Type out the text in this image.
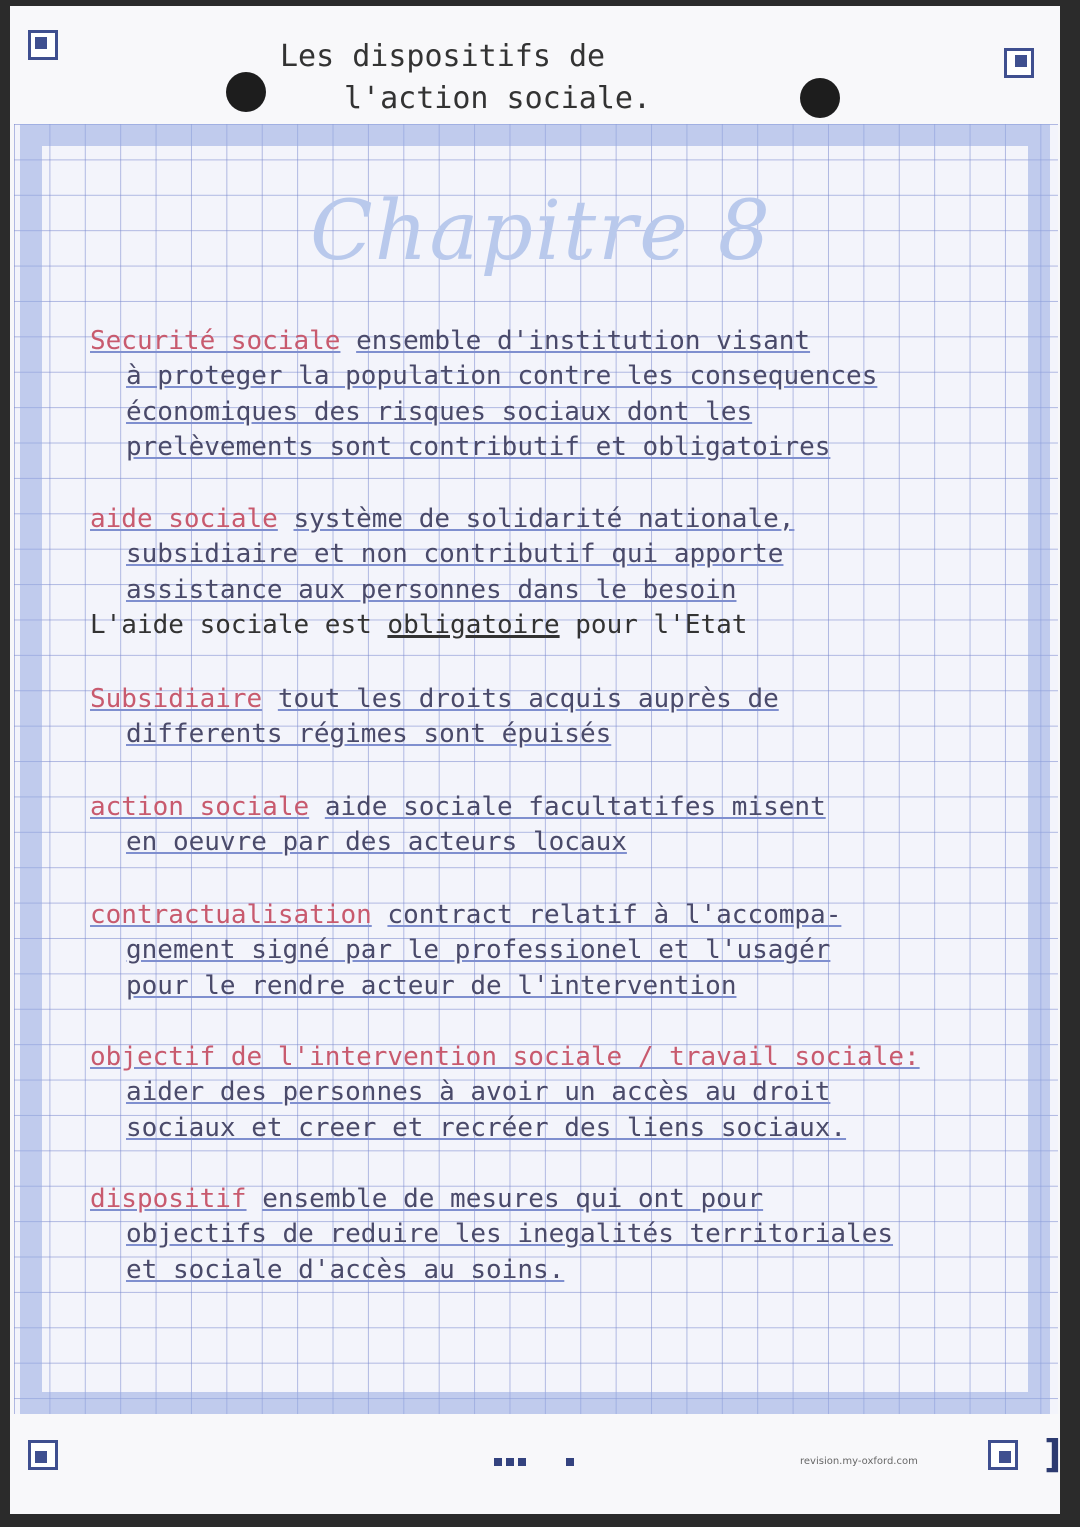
Les dispositifs de
l'action sociale.
Chapitre 8
Securité sociale ensemble d'institution visant
à proteger la population contre les consequences
économiques des risques sociaux dont les
prelèvements sont contributif et obligatoires
aide sociale système de solidarité nationale,
subsidiaire et non contributif qui apporte
assistance aux personnes dans le besoin
L'aide sociale est obligatoire pour l'Etat
Subsidiaire tout les droits acquis auprès de
differents régimes sont épuisés
action sociale aide sociale facultatifes misent
en oeuvre par des acteurs locaux
contractualisation contract relatif à l'accompa-
gnement signé par le professionel et l'usagér
pour le rendre acteur de l'intervention
objectif de l'intervention sociale / travail sociale:
aider des personnes à avoir un accès au droit
sociaux et creer et recréer des liens sociaux.
dispositif ensemble de mesures qui ont pour
objectifs de reduire les inegalités territoriales
et sociale d'accès au soins.
revision.my-oxford.com	]
